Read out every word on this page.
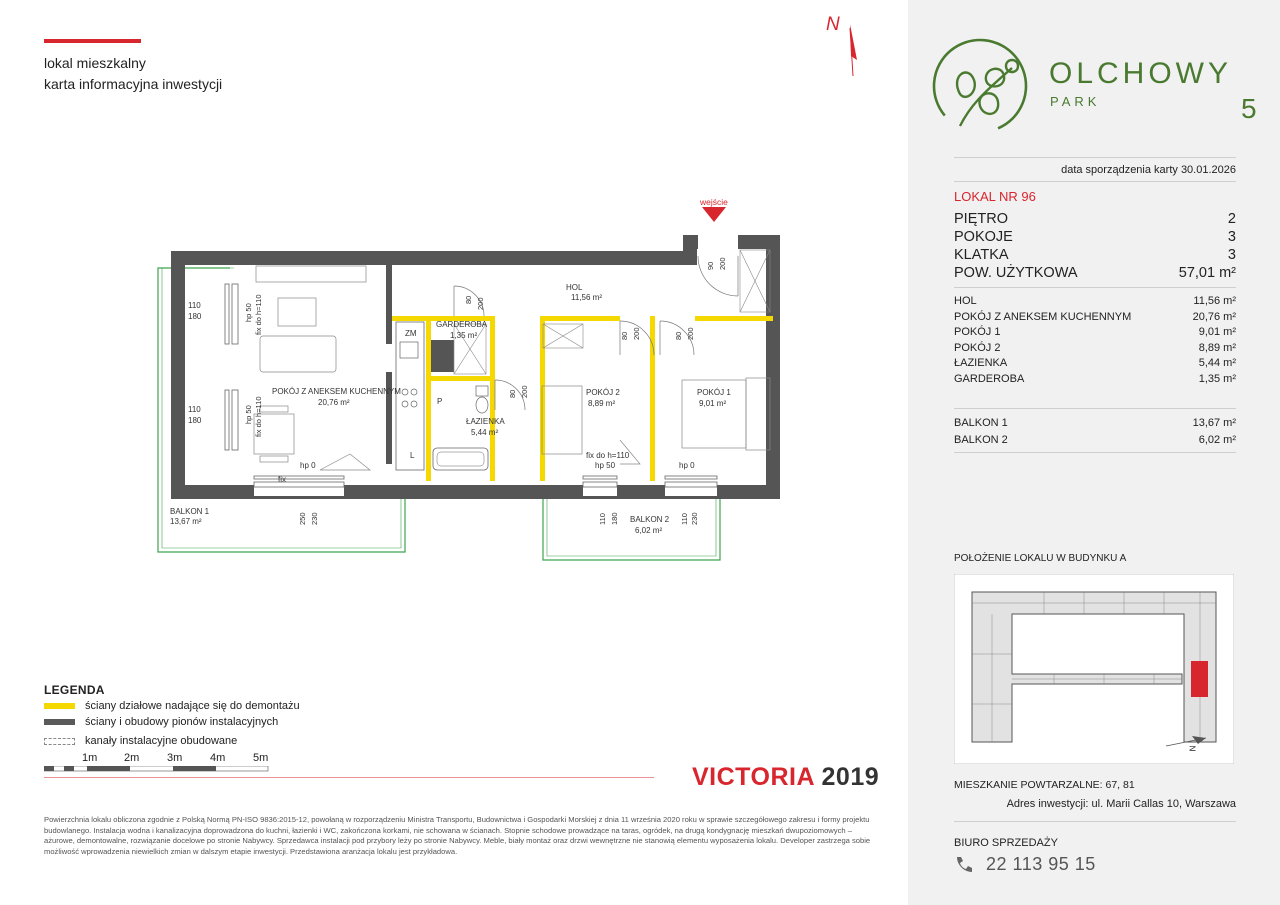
lokal mieszkalny
karta informacyjna inwestycji
N
wejście
HOL
11,56 m²
POKÓJ Z ANEKSEM KUCHENNYM
20,76 m²
GARDEROBA
1,35 m²
ŁAZIENKA
5,44 m²
POKÓJ 2
8,89 m²
POKÓJ 1
9,01 m²
BALKON 1
13,67 m²	BALKON 2
6,02 m²
ZM
P
L
hp 0	hp 0
hp 50
fix do h=110
fix
110
180
110
180
hp 50 fix do h=110
hp 50 fix do h=110
250 230	110 180	110 230
80 200
80 200
80 200	80 200
90 200
LEGENDA
ściany działowe nadające się do demontażu
ściany i obudowy pionów instalacyjnych
kanały instalacyjne obudowane
1m 2m	3m	4m	5m
VICTORIA 2019
Powierzchnia lokalu obliczona zgodnie z Polską Normą PN-ISO 9836:2015-12, powołaną w rozporządzeniu Ministra Transportu, Budownictwa i Gospodarki Morskiej z dnia 11 września 2020 roku w sprawie szczegółowego zakresu i formy projektu budowlanego. Instalacja wodna i kanalizacyjna doprowadzona do kuchni, łazienki i WC, zakończona korkami, nie schowana w ścianach. Stopnie schodowe prowadzące na taras, ogródek, na drugą kondygnację mieszkań dwupoziomowych – ażurowe, demontowalne, rozwiązanie docelowe po stronie Nabywcy. Sprzedawca instalacji pod przybory leży po stronie Nabywcy. Meble, biały montaż oraz drzwi wewnętrzne nie stanowią elementu wyposażenia lokalu. Developer zastrzega sobie możliwość wprowadzenia niewielkich zmian w dalszym etapie inwestycji. Przedstawiona aranżacja lokalu jest przykładowa.
OLCHOWY
PARK	5
data sporządzenia karty 30.01.2026
LOKAL NR 96
PIĘTRO	2
POKOJE	3
KLATKA	3
POW. UŻYTKOWA	57,01 m²
HOL	11,56 m²
POKÓJ Z ANEKSEM KUCHENNYM	20,76 m²
POKÓJ 1	9,01 m²
POKÓJ 2	8,89 m²
ŁAZIENKA	5,44 m²
GARDEROBA	1,35 m²
BALKON 1	13,67 m²
BALKON 2	6,02 m²
POŁOŻENIE LOKALU W BUDYNKU A
N
MIESZKANIE POWTARZALNE: 67, 81
Adres inwestycji: ul. Marii Callas 10, Warszawa
BIURO SPRZEDAŻY
22 113 95 15
